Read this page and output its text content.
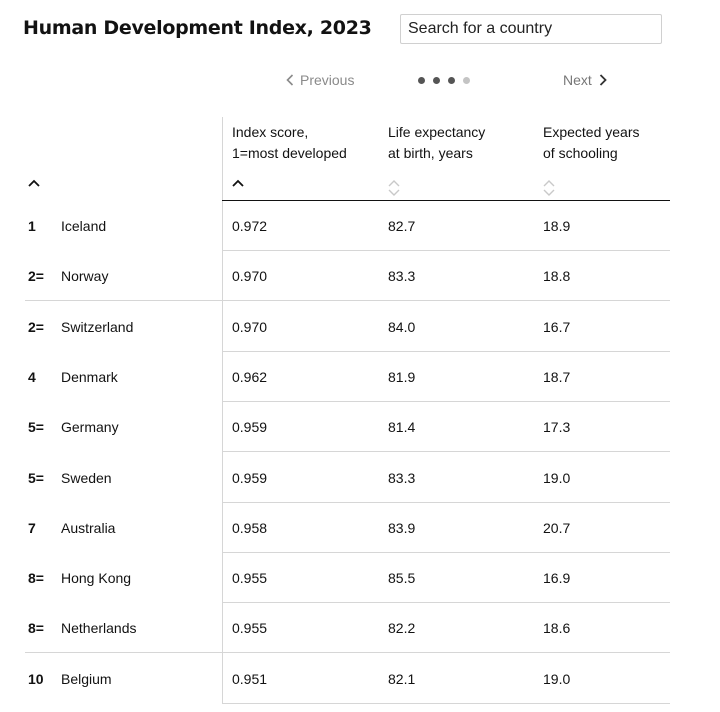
Human Development Index, 2023
Search for a country
Previous	Next
Index score,
1=most developed
Life expectancy
at birth, years
Expected years
of schooling
1 Iceland	0.972	82.7	18.9
2= Norway	0.970	83.3	18.8
2= Switzerland	0.970	84.0	16.7
4 Denmark	0.962	81.9	18.7
5= Germany	0.959	81.4	17.3
5= Sweden	0.959	83.3	19.0
7 Australia	0.958	83.9	20.7
8= Hong Kong	0.955	85.5	16.9
8= Netherlands	0.955	82.2	18.6
10 Belgium	0.951	82.1	19.0
